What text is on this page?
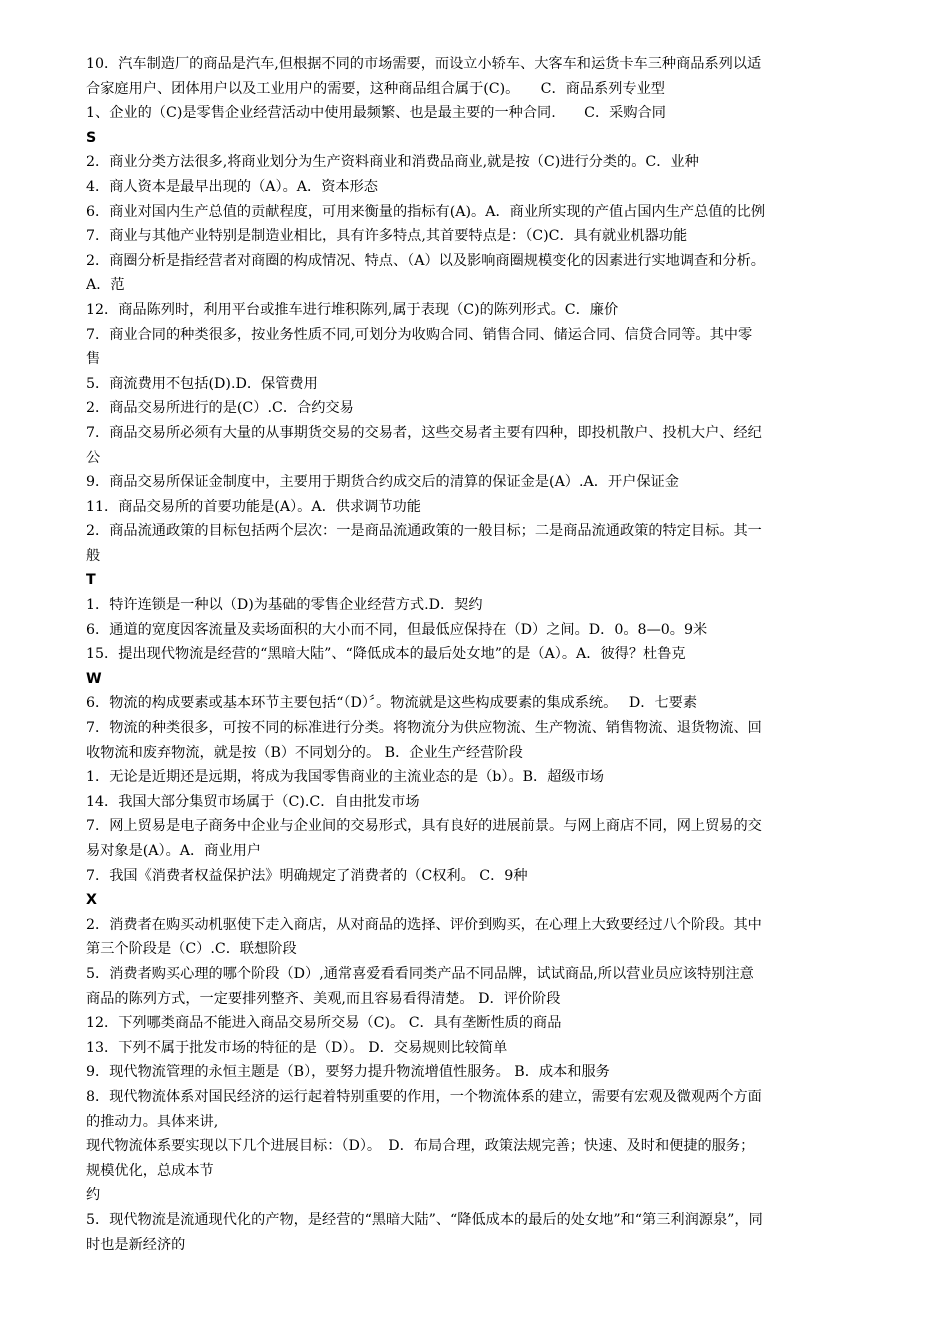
10．汽车制造厂的商品是汽车,但根据不同的市场需要，而设立小轿车、大客车和运货卡车三种商品系列以适

合家庭用户、团体用户以及工业用户的需要，这种商品组合属于(C)。　　C．商品系列专业型

1、企业的（C)是零售企业经营活动中使用最频繁、也是最主要的一种合同.　　C．采购合同

S

2．商业分类方法很多,将商业划分为生产资料商业和消费品商业,就是按（C)进行分类的。C．业种

4．商人资本是最早出现的（A）。A．资本形态

6．商业对国内生产总值的贡献程度，可用来衡量的指标有(A)。A．商业所实现的产值占国内生产总值的比例

7．商业与其他产业特别是制造业相比，具有许多特点,其首要特点是：（C)C．具有就业机器功能

2．商圈分析是指经营者对商圈的构成情况、特点、（A）以及影响商圈规模变化的因素进行实地调查和分析。

A．范

12．商品陈列时，利用平台或推车进行堆积陈列,属于表现（C)的陈列形式。C．廉价

7．商业合同的种类很多，按业务性质不同,可划分为收购合同、销售合同、储运合同、信贷合同等。其中零

售

5．商流费用不包括(D).D．保管费用

2．商品交易所进行的是(C）.C．合约交易

7．商品交易所必须有大量的从事期货交易的交易者，这些交易者主要有四种，即投机散户、投机大户、经纪

公

9．商品交易所保证金制度中，主要用于期货合约成交后的清算的保证金是(A）.A．开户保证金

11．商品交易所的首要功能是(A）。A．供求调节功能

2．商品流通政策的目标包括两个层次：一是商品流通政策的一般目标；二是商品流通政策的特定目标。其一

般

T

1．特许连锁是一种以（D)为基础的零售企业经营方式.D．契约

6．通道的宽度因客流量及卖场面积的大小而不同，但最低应保持在（D）之间。D．0。8—0。9米

15．提出现代物流是经营的“黑暗大陆”、“降低成本的最后处女地”的是（A）。A．彼得？杜鲁克

W

6．物流的构成要素或基本环节主要包括“（D）〞。物流就是这些构成要素的集成系统。　 D．七要素

7．物流的种类很多，可按不同的标准进行分类。将物流分为供应物流、生产物流、销售物流、退货物流、回

收物流和废弃物流，就是按（B）不同划分的。 B．企业生产经营阶段

1．无论是近期还是远期，将成为我国零售商业的主流业态的是（b）。B．超级市场

14．我国大部分集贸市场属于（C).C．自由批发市场

7．网上贸易是电子商务中企业与企业间的交易形式，具有良好的进展前景。与网上商店不同，网上贸易的交

易对象是(A）。A．商业用户

7．我国《消费者权益保护法》明确规定了消费者的（C权利。 C．9种

X

2．消费者在购买动机驱使下走入商店，从对商品的选择、评价到购买，在心理上大致要经过八个阶段。其中

第三个阶段是（C）.C．联想阶段

5．消费者购买心理的哪个阶段（D）,通常喜爱看看同类产品不同品牌，试试商品,所以营业员应该特别注意

商品的陈列方式，一定要排列整齐、美观,而且容易看得清楚。 D．评价阶段

12．下列哪类商品不能进入商品交易所交易（C)。 C．具有垄断性质的商品

13．下列不属于批发市场的特征的是（D）。 D．交易规则比较简单

9．现代物流管理的永恒主题是（B），要努力提升物流增值性服务。 B．成本和服务

8．现代物流体系对国民经济的运行起着特别重要的作用，一个物流体系的建立，需要有宏观及微观两个方面

的推动力。具体来讲,

现代物流体系要实现以下几个进展目标：（D）。　D．布局合理，政策法规完善；快速、及时和便捷的服务；

规模优化，总成本节

约

5．现代物流是流通现代化的产物，是经营的“黑暗大陆”、“降低成本的最后的处女地”和“第三利润源泉”，同

时也是新经济的
